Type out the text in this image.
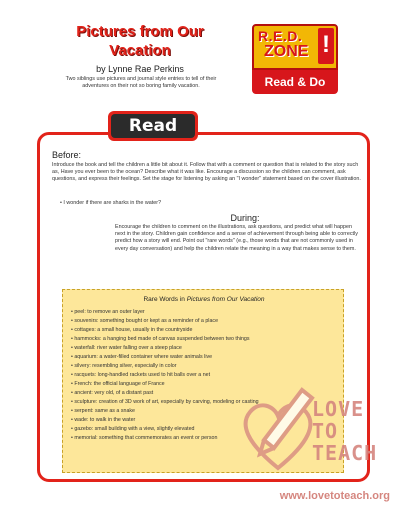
Pictures from Our Vacation
by Lynne Rae Perkins
Two siblings use pictures and journal style entries to tell of their adventures on their not so boring family vacation.
R.E.D.
ZONE !
Read & Do
Read
Before:
Introduce the book and tell the children a little bit about it. Follow that with a comment or question that is related to the story such as, Have you ever been to the ocean? Describe what it was like. Encourage a discussion so the children can comment, ask questions, and express their feelings. Set the stage for listening by asking an "I wonder" statement based on the cover illustration.
• I wonder if there are sharks in the water?
During:
Encourage the children to comment on the illustrations, ask questions, and predict what will happen next in the story. Children gain confidence and a sense of achievement through being able to correctly predict how a story will end. Point out "rare words" (e.g., those words that are not commonly used in every day conversation) and help the children relate the meaning in a way that makes sense to them.
Rare Words in Pictures from Our Vacation
• peel: to remove an outer layer
• souvenirs: something bought or kept as a reminder of a place
• cottages: a small house, usually in the countryside
• hammocks: a hanging bed made of canvas suspended between two things
• waterfall: river water falling over a steep place
• aquarium: a water-filled container where water animals live
• silvery: resembling silver, especially in color
• racquets: long-handled rackets used to hit balls over a net
• French: the official language of France
• ancient: very old, of a distant past
• sculpture: creation of 3D work of art, especially by carving, modeling or casting
• serpent: same as a snake
• wade: to walk in the water
• gazebo: small building with a view, slightly elevated
• memorial: something that commemorates an event or person
LOVE
TO
TEACH
www.lovetoteach.org
